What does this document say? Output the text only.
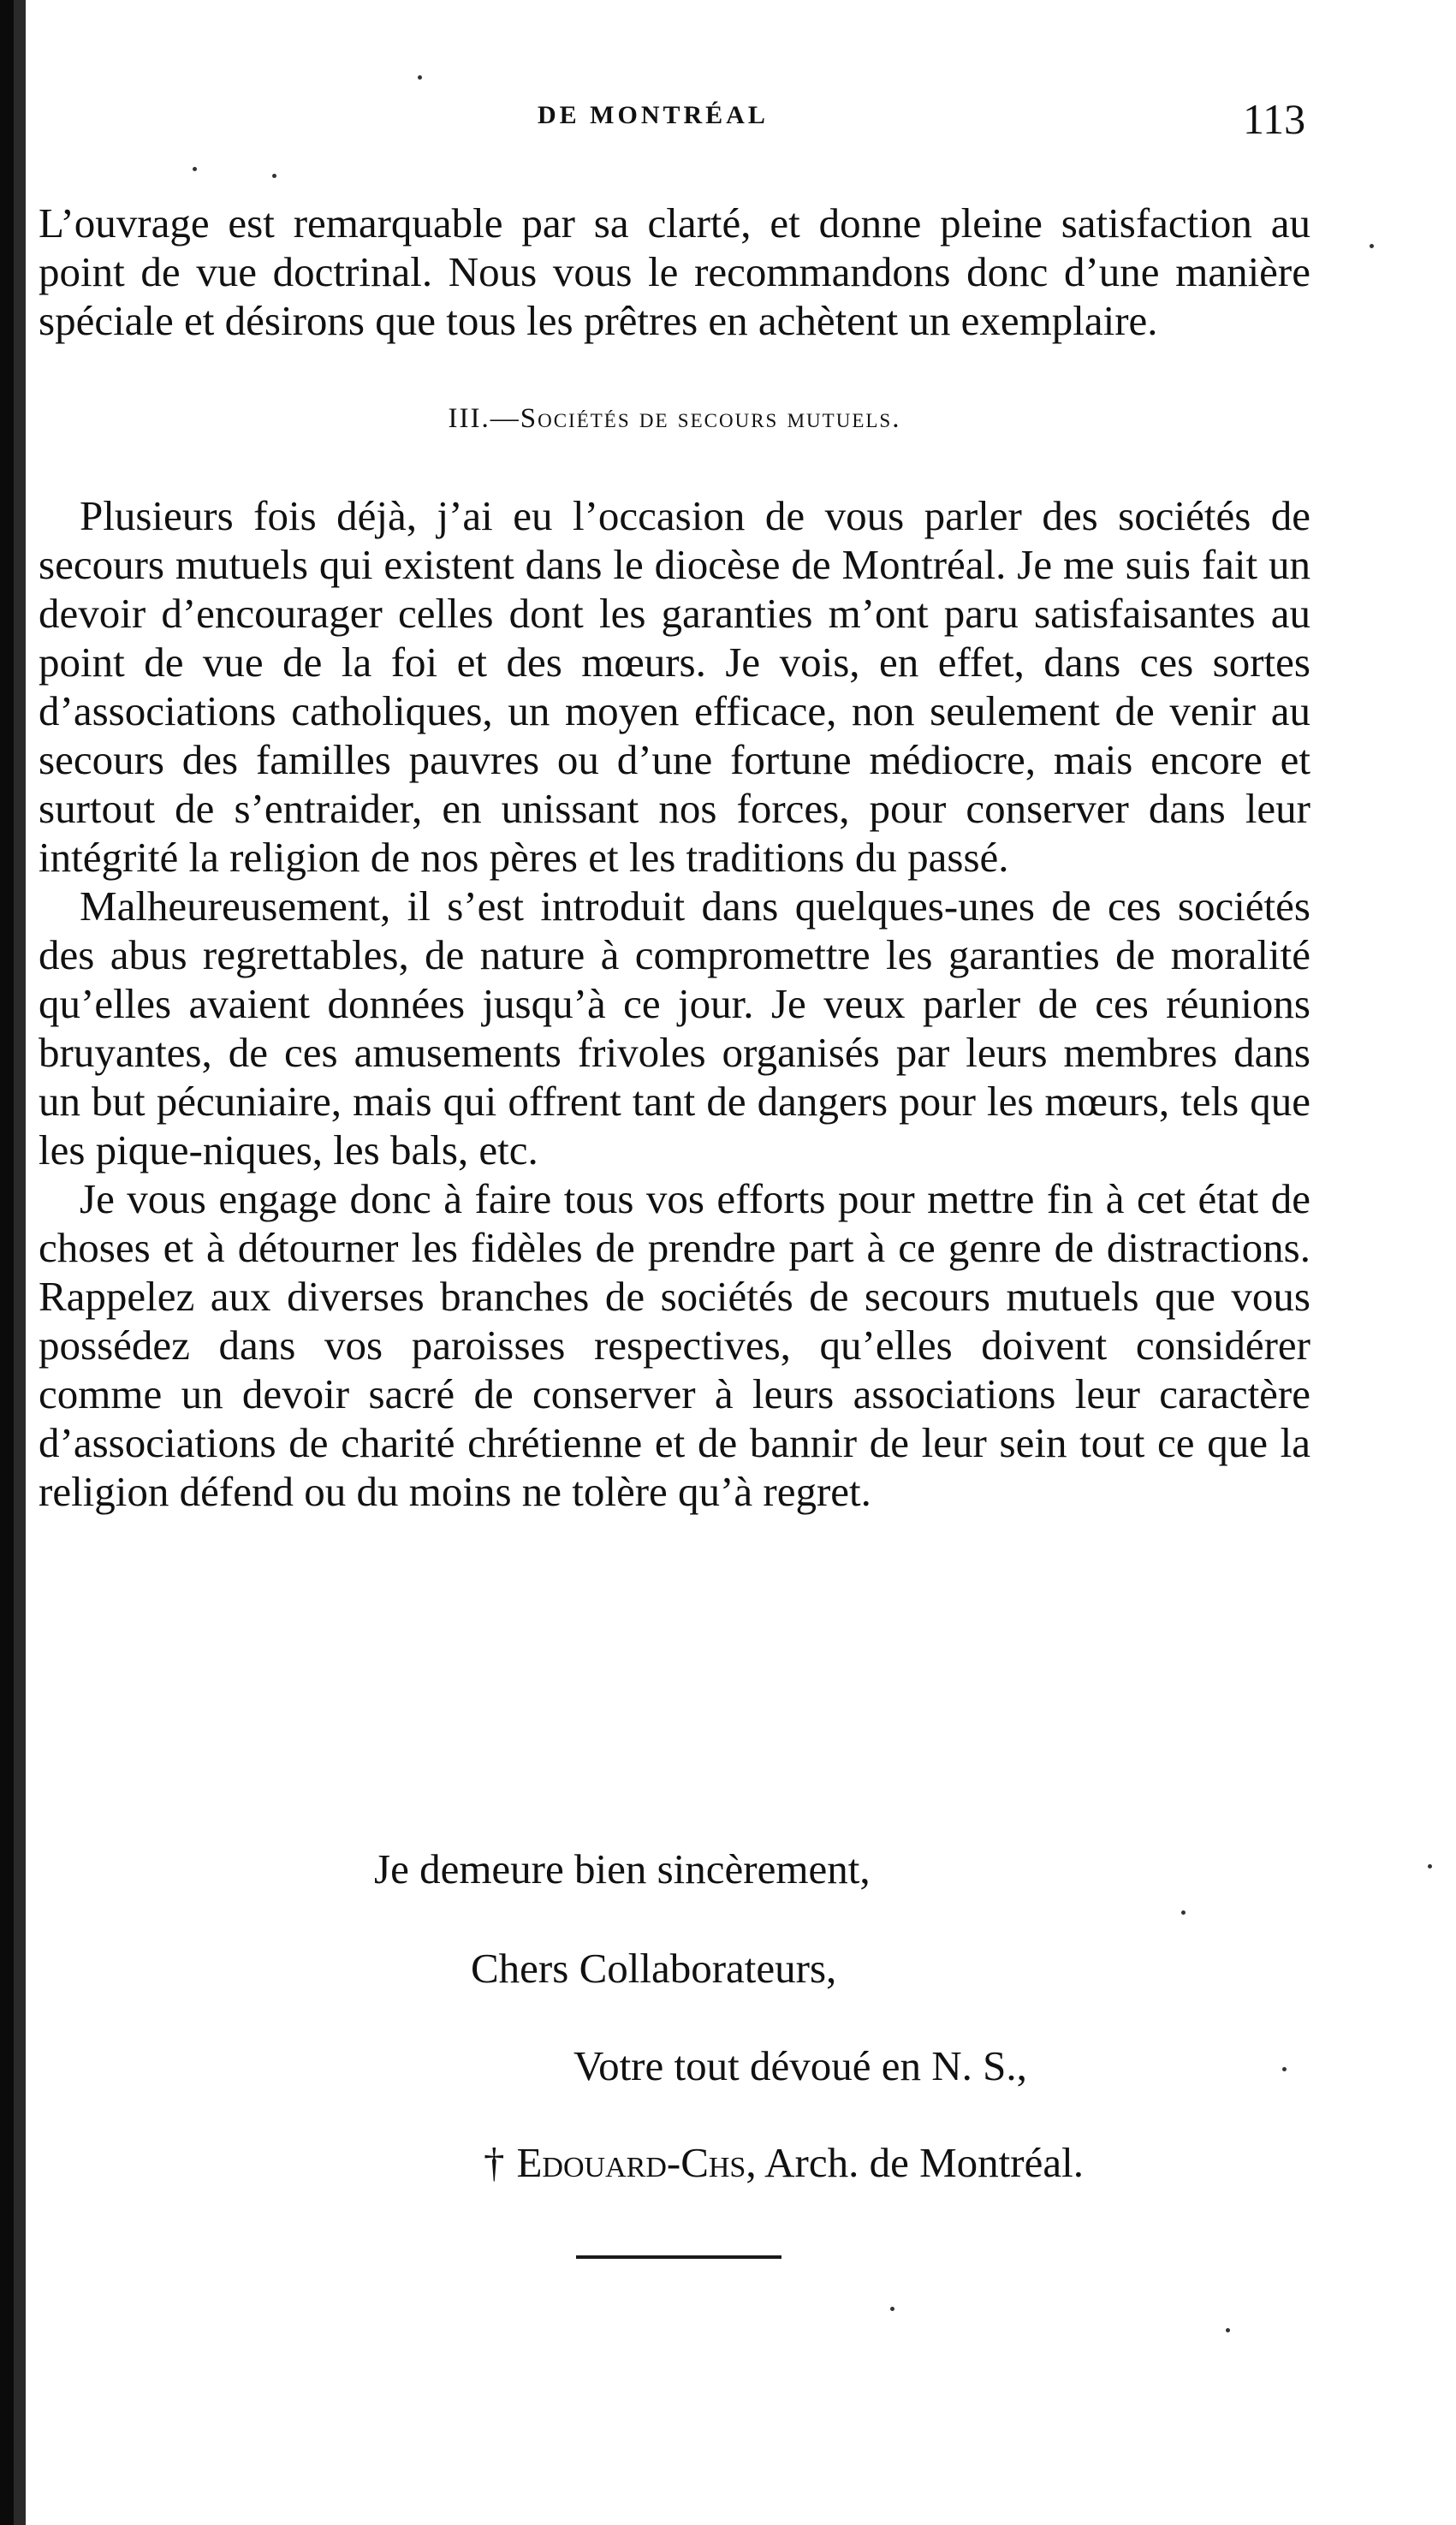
DE MONTRÉAL	113

L’ouvrage est remarquable par sa clarté, et donne pleine satisfaction au point de vue doctrinal. Nous vous le recommandons donc d’une manière spéciale et désirons que tous les prêtres en achètent un exemplaire.

III.—Sociétés de secours mutuels.

Plusieurs fois déjà, j’ai eu l’occasion de vous parler des sociétés de secours mutuels qui existent dans le diocèse de Montréal. Je me suis fait un devoir d’encourager celles dont les garanties m’ont paru satisfaisantes au point de vue de la foi et des mœurs. Je vois, en effet, dans ces sortes d’associations catholiques, un moyen efficace, non seulement de venir au secours des familles pauvres ou d’une fortune médiocre, mais encore et surtout de s’entraider, en unissant nos forces, pour conserver dans leur intégrité la religion de nos pères et les traditions du passé.

Malheureusement, il s’est introduit dans quelques-unes de ces sociétés des abus regrettables, de nature à compromettre les garanties de moralité qu’elles avaient données jusqu’à ce jour. Je veux parler de ces réunions bruyantes, de ces amusements frivoles organisés par leurs membres dans un but pécuniaire, mais qui offrent tant de dangers pour les mœurs, tels que les pique-niques, les bals, etc.

Je vous engage donc à faire tous vos efforts pour mettre fin à cet état de choses et à détourner les fidèles de prendre part à ce genre de distractions. Rappelez aux diverses branches de sociétés de secours mutuels que vous possédez dans vos paroisses respectives, qu’elles doivent considérer comme un devoir sacré de conserver à leurs associations leur caractère d’associations de charité chrétienne et de bannir de leur sein tout ce que la religion défend ou du moins ne tolère qu’à regret.

Je demeure bien sincèrement,
Chers Collaborateurs,
Votre tout dévoué en N. S.,
† Edouard-Chs, Arch. de Montréal.
